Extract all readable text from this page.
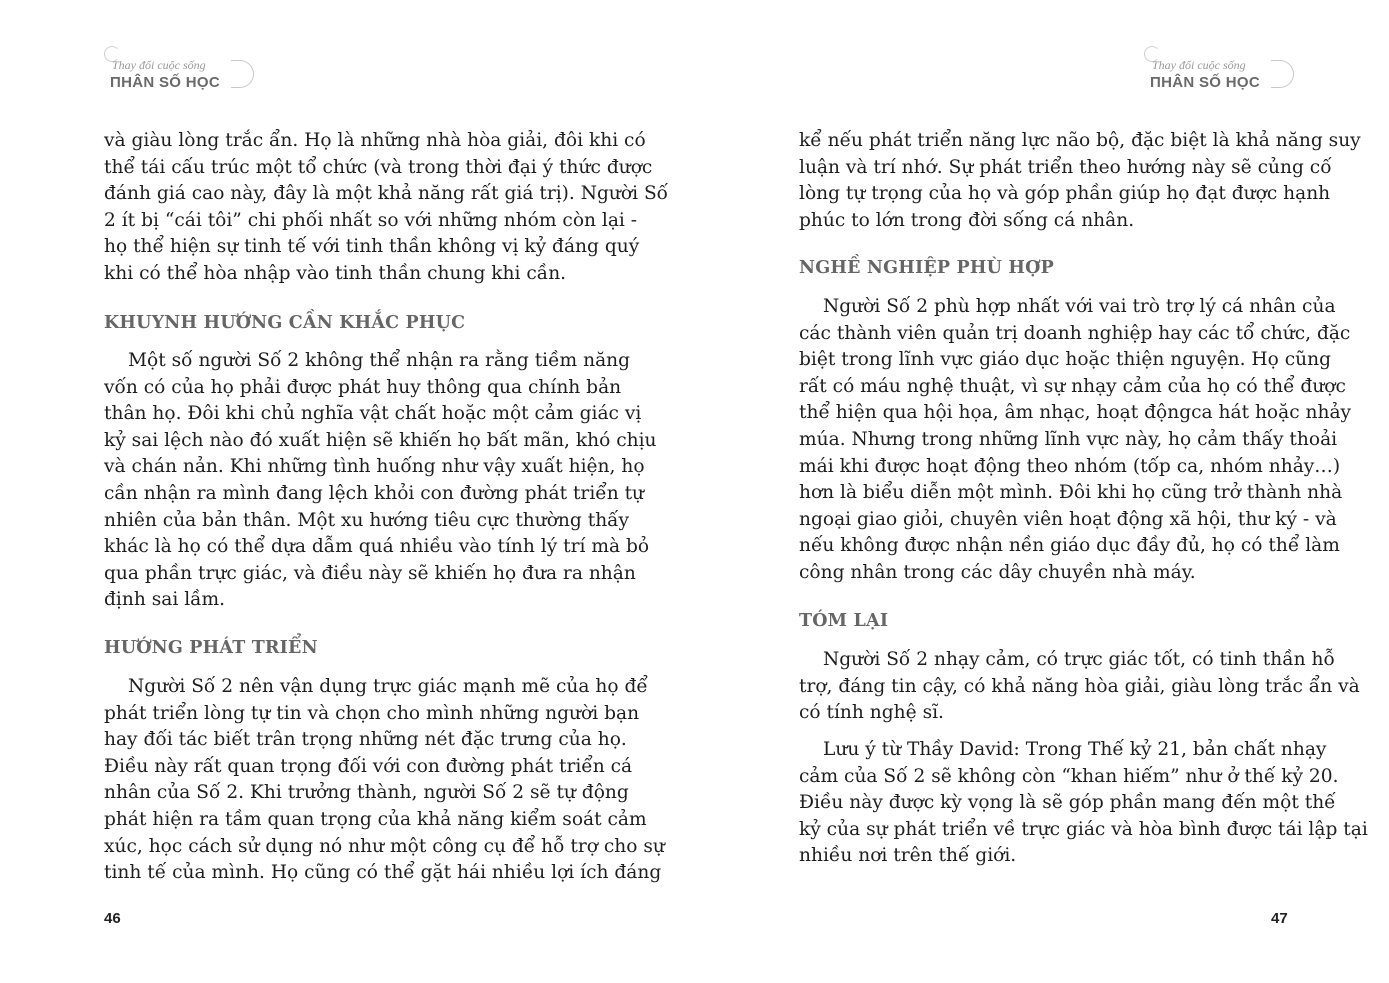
Thay đổi cuộc sống
ΠHÂN SỐ HỌC
và giàu lòng trắc ẩn. Họ là những nhà hòa giải, đôi khi có
thể tái cấu trúc một tổ chức (và trong thời đại ý thức được
đánh giá cao này, đây là một khả năng rất giá trị). Người Số
2 ít bị “cái tôi” chi phối nhất so với những nhóm còn lại -
họ thể hiện sự tinh tế với tinh thần không vị kỷ đáng quý
khi có thể hòa nhập vào tinh thần chung khi cần.
KHUYNH HƯỚNG CẦN KHẮC PHỤC
Một số người Số 2 không thể nhận ra rằng tiềm năng
vốn có của họ phải được phát huy thông qua chính bản
thân họ. Đôi khi chủ nghĩa vật chất hoặc một cảm giác vị
kỷ sai lệch nào đó xuất hiện sẽ khiến họ bất mãn, khó chịu
và chán nản. Khi những tình huống như vậy xuất hiện, họ
cần nhận ra mình đang lệch khỏi con đường phát triển tự
nhiên của bản thân. Một xu hướng tiêu cực thường thấy
khác là họ có thể dựa dẫm quá nhiều vào tính lý trí mà bỏ
qua phần trực giác, và điều này sẽ khiến họ đưa ra nhận
định sai lầm.
HƯỚNG PHÁT TRIỂN
Người Số 2 nên vận dụng trực giác mạnh mẽ của họ để
phát triển lòng tự tin và chọn cho mình những người bạn
hay đối tác biết trân trọng những nét đặc trưng của họ.
Điều này rất quan trọng đối với con đường phát triển cá
nhân của Số 2. Khi trưởng thành, người Số 2 sẽ tự động
phát hiện ra tầm quan trọng của khả năng kiểm soát cảm
xúc, học cách sử dụng nó như một công cụ để hỗ trợ cho sự
tinh tế của mình. Họ cũng có thể gặt hái nhiều lợi ích đáng
46
Thay đổi cuộc sống
ΠHÂN SỐ HỌC
kể nếu phát triển năng lực não bộ, đặc biệt là khả năng suy
luận và trí nhớ. Sự phát triển theo hướng này sẽ củng cố
lòng tự trọng của họ và góp phần giúp họ đạt được hạnh
phúc to lớn trong đời sống cá nhân.
NGHỀ NGHIỆP PHÙ HỢP
Người Số 2 phù hợp nhất với vai trò trợ lý cá nhân của
các thành viên quản trị doanh nghiệp hay các tổ chức, đặc
biệt trong lĩnh vực giáo dục hoặc thiện nguyện. Họ cũng
rất có máu nghệ thuật, vì sự nhạy cảm của họ có thể được
thể hiện qua hội họa, âm nhạc, hoạt độngca hát hoặc nhảy
múa. Nhưng trong những lĩnh vực này, họ cảm thấy thoải
mái khi được hoạt động theo nhóm (tốp ca, nhóm nhảy…)
hơn là biểu diễn một mình. Đôi khi họ cũng trở thành nhà
ngoại giao giỏi, chuyên viên hoạt động xã hội, thư ký - và
nếu không được nhận nền giáo dục đầy đủ, họ có thể làm
công nhân trong các dây chuyền nhà máy.
TÓM LẠI
Người Số 2 nhạy cảm, có trực giác tốt, có tinh thần hỗ
trợ, đáng tin cậy, có khả năng hòa giải, giàu lòng trắc ẩn và
có tính nghệ sĩ.
Lưu ý từ Thầy David: Trong Thế kỷ 21, bản chất nhạy
cảm của Số 2 sẽ không còn “khan hiếm” như ở thế kỷ 20.
Điều này được kỳ vọng là sẽ góp phần mang đến một thế
kỷ của sự phát triển về trực giác và hòa bình được tái lập tại
nhiều nơi trên thế giới.
47
